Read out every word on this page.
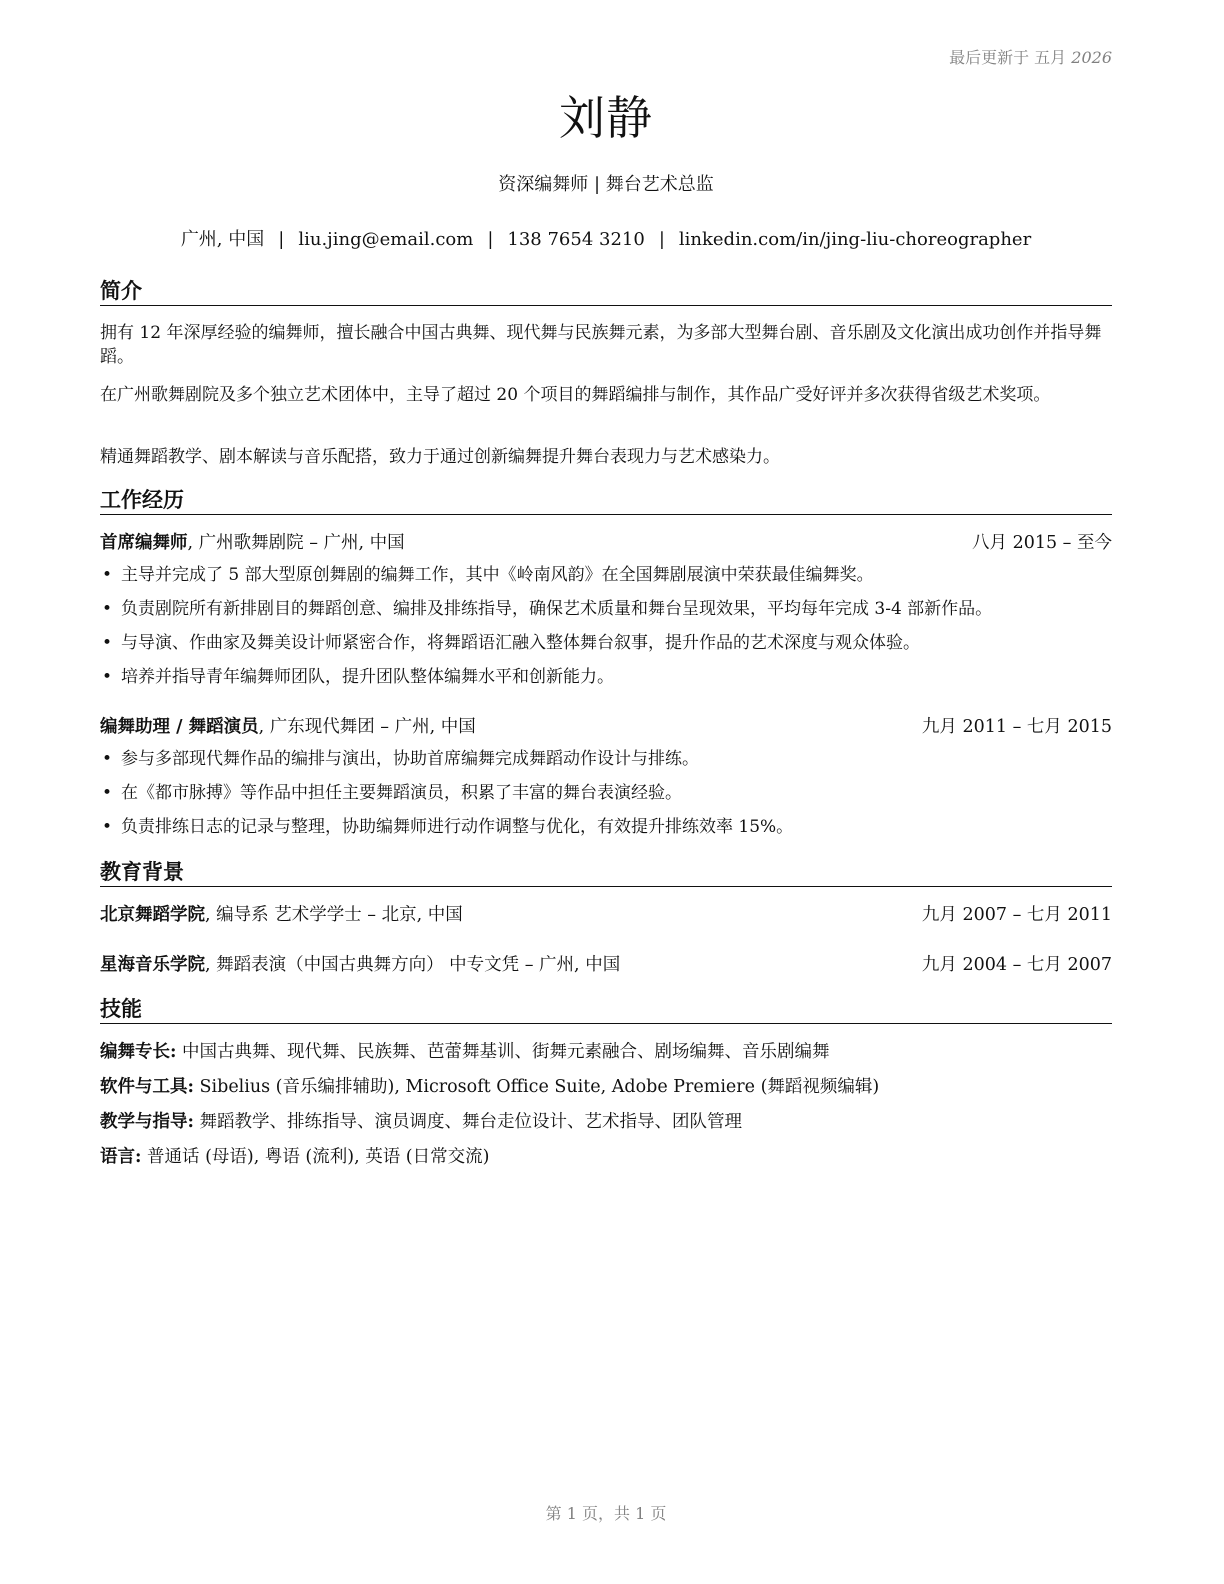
最后更新于 五月 2026
刘静
资深编舞师 | 舞台艺术总监
广州, 中国 | liu.jing@email.com | 138 7654 3210 | linkedin.com/in/jing-liu-choreographer
简介
拥有 12 年深厚经验的编舞师，擅长融合中国古典舞、现代舞与民族舞元素，为多部大型舞台剧、音乐剧及文化演出成功创作并指导舞蹈。
在广州歌舞剧院及多个独立艺术团体中，主导了超过 20 个项目的舞蹈编排与制作，其作品广受好评并多次获得省级艺术奖项。
精通舞蹈教学、剧本解读与音乐配搭，致力于通过创新编舞提升舞台表现力与艺术感染力。
工作经历
首席编舞师, 广州歌舞剧院 – 广州, 中国	八月 2015 – 至今
• 主导并完成了 5 部大型原创舞剧的编舞工作，其中《岭南风韵》在全国舞剧展演中荣获最佳编舞奖。
• 负责剧院所有新排剧目的舞蹈创意、编排及排练指导，确保艺术质量和舞台呈现效果，平均每年完成 3-4 部新作品。
• 与导演、作曲家及舞美设计师紧密合作，将舞蹈语汇融入整体舞台叙事，提升作品的艺术深度与观众体验。
• 培养并指导青年编舞师团队，提升团队整体编舞水平和创新能力。
编舞助理 / 舞蹈演员, 广东现代舞团 – 广州, 中国	九月 2011 – 七月 2015
• 参与多部现代舞作品的编排与演出，协助首席编舞完成舞蹈动作设计与排练。
• 在《都市脉搏》等作品中担任主要舞蹈演员，积累了丰富的舞台表演经验。
• 负责排练日志的记录与整理，协助编舞师进行动作调整与优化，有效提升排练效率 15%。
教育背景
北京舞蹈学院, 编导系 艺术学学士 – 北京, 中国	九月 2007 – 七月 2011
星海音乐学院, 舞蹈表演（中国古典舞方向） 中专文凭 – 广州, 中国	九月 2004 – 七月 2007
技能
编舞专长: 中国古典舞、现代舞、民族舞、芭蕾舞基训、街舞元素融合、剧场编舞、音乐剧编舞
软件与工具: Sibelius (音乐编排辅助), Microsoft Office Suite, Adobe Premiere (舞蹈视频编辑)
教学与指导: 舞蹈教学、排练指导、演员调度、舞台走位设计、艺术指导、团队管理
语言: 普通话 (母语), 粤语 (流利), 英语 (日常交流)
第 1 页，共 1 页
